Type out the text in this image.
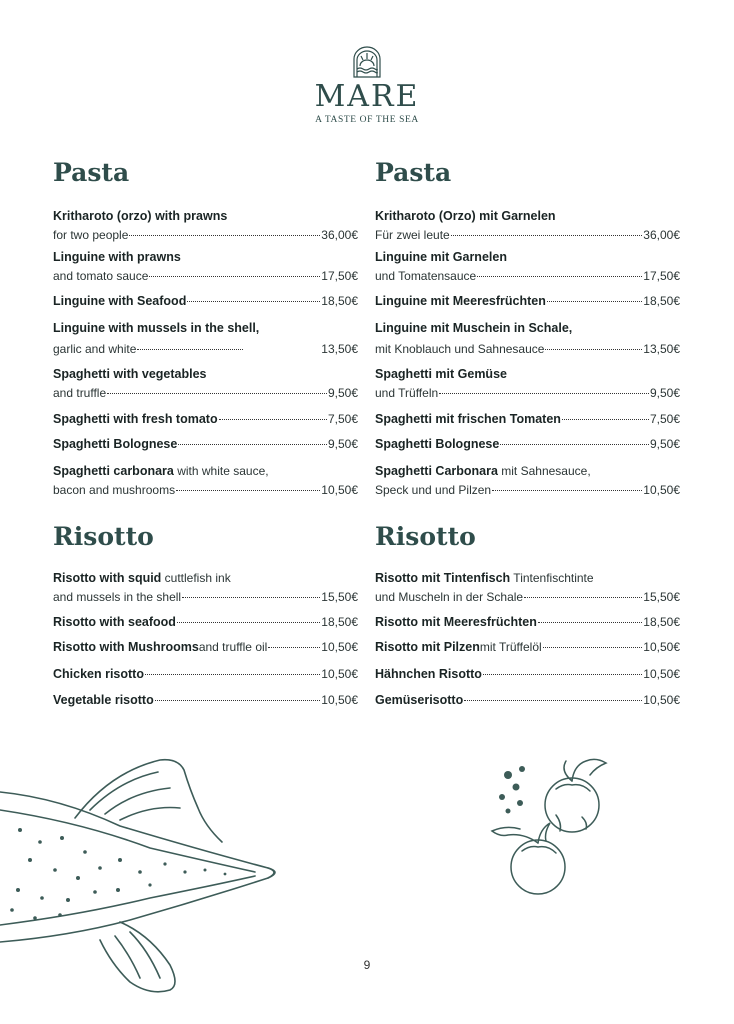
MARE
A TASTE OF THE SEA
Pasta
Kritharoto (orzo) with prawns
for two people	36,00€
Linguine with prawns
and tomato sauce	17,50€
Linguine with Seafood	18,50€
Linguine with mussels in the shell,
garlic and white	13,50€
Spaghetti with vegetables
and truffle	9,50€
Spaghetti with fresh tomato	7,50€
Spaghetti Bolognese	9,50€
Spaghetti carbonara with white sauce,
bacon and mushrooms	10,50€
Risotto
Risotto with squid cuttlefish ink
and mussels in the shell	15,50€
Risotto with seafood	18,50€
Risotto with Mushrooms and truffle oil	10,50€
Chicken risotto	10,50€
Vegetable risotto	10,50€
Pasta
Kritharoto (Orzo) mit Garnelen
Für zwei leute	36,00€
Linguine mit Garnelen
und Tomatensauce	17,50€
Linguine mit Meeresfrüchten	18,50€
Linguine mit Muschein in Schale,
mit Knoblauch und Sahnesauce	13,50€
Spaghetti mit Gemüse
und Trüffeln	9,50€
Spaghetti mit frischen Tomaten	7,50€
Spaghetti Bolognese	9,50€
Spaghetti Carbonara mit Sahnesauce,
Speck und und Pilzen	10,50€
Risotto
Risotto mit Tintenfisch Tintenfischtinte
und Muscheln in der Schale	15,50€
Risotto mit Meeresfrüchten	18,50€
Risotto mit Pilzen mit Trüffelöl	10,50€
Hähnchen Risotto	10,50€
Gemüserisotto	10,50€
9
